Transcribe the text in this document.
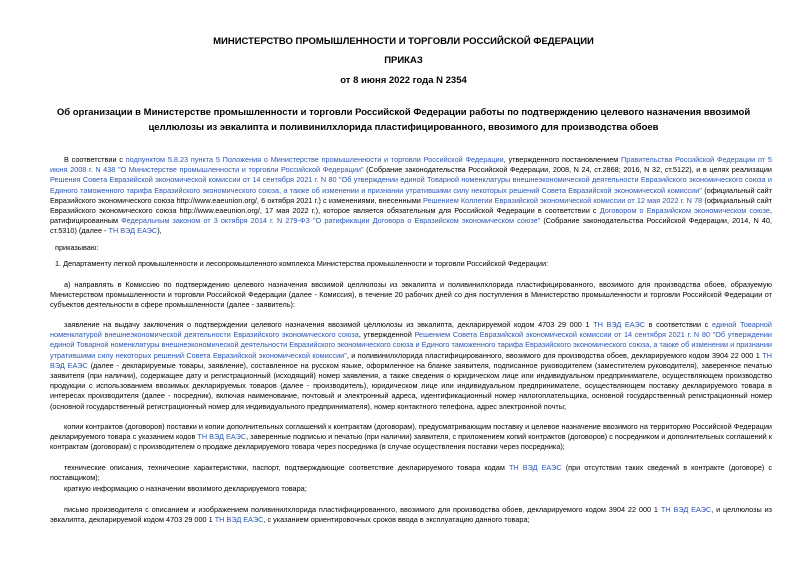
МИНИСТЕРСТВО ПРОМЫШЛЕННОСТИ И ТОРГОВЛИ РОССИЙСКОЙ ФЕДЕРАЦИИ
ПРИКАЗ
от 8 июня 2022 года N 2354
Об организации в Министерстве промышленности и торговли Российской Федерации работы по подтверждению целевого назначения ввозимой целлюлозы из эвкалипта и поливинилхлорида пластифицированного, ввозимого для производства обоев
В соответствии с подпунктом 5.8.23 пункта 5 Положения о Министерстве промышленности и торговли Российской Федерации, утвержденного постановлением Правительства Российской Федерации от 5 июня 2008 г. N 438 "О Министерстве промышленности и торговли Российской Федерации" (Собрание законодательства Российской Федерации, 2008, N 24, ст.2868; 2016, N 32, ст.5122), и в целях реализации Решения Совета Евразийской экономической комиссии от 14 сентября 2021 г. N 80 "Об утверждении единой Товарной номенклатуры внешнеэкономической деятельности Евразийского экономического союза и Единого таможенного тарифа Евразийского экономического союза, а также об изменении и признании утратившими силу некоторых решений Совета Евразийской экономической комиссии" (официальный сайт Евразийского экономического союза http://www.eaeunion.org/, 6 октября 2021 г.) с изменениями, внесенными Решением Коллегии Евразийской экономической комиссии от 12 мая 2022 г. N 78 (официальный сайт Евразийского экономического союза http://www.eaeunion.org/, 17 мая 2022 г.), которое является обязательным для Российской Федерации в соответствии с Договором о Евразийском экономическом союзе, ратифицированным Федеральным законом от 3 октября 2014 г. N 279-ФЗ "О ратификации Договора о Евразийском экономическом союзе" (Собрание законодательства Российской Федерации, 2014, N 40, ст.5310) (далее - ТН ВЭД ЕАЭС),
приказываю:
1. Департаменту легкой промышленности и лесопромышленного комплекса Министерства промышленности и торговли Российской Федерации:
а) направлять в Комиссию по подтверждению целевого назначения ввозимой целлюлозы из эвкалипта и поливинилхлорида пластифицированного, ввозимого для производства обоев, образуемую Министерством промышленности и торговли Российской Федерации (далее - Комиссия), в течение 20 рабочих дней со дня поступления в Министерство промышленности и торговли Российской Федерации от субъектов деятельности в сфере промышленности (далее - заявитель):
заявление на выдачу заключения о подтверждении целевого назначения ввозимой целлюлозы из эвкалипта, декларируемой кодом 4703 29 000 1 ТН ВЭД ЕАЭС в соответствии с единой Товарной номенклатурой внешнеэкономической деятельности Евразийского экономического союза, утвержденной Решением Совета Евразийской экономической комиссии от 14 сентября 2021 г. N 80 "Об утверждении единой Товарной номенклатуры внешнеэкономической деятельности Евразийского экономического союза и Единого таможенного тарифа Евразийского экономического союза, а также об изменении и признании утратившими силу некоторых решений Совета Евразийской экономической комиссии", и поливинилхлорида пластифицированного, ввозимого для производства обоев, декларируемого кодом 3904 22 000 1 ТН ВЭД ЕАЭС (далее - декларируемые товары, заявление), составленное на русском языке, оформленное на бланке заявителя, подписанное руководителем (заместителем руководителя), заверенное печатью заявителя (при наличии), содержащее дату и регистрационный (исходящий) номер заявления, а также сведения о юридическом лице или индивидуальном предпринимателе, осуществляющем производство продукции с использованием ввозимых декларируемых товаров (далее - производитель), юридическом лице или индивидуальном предпринимателе, осуществляющем поставку декларируемого товара в интересах производителя (далее - посредник), включая наименование, почтовый и электронный адреса, идентификационный номер налогоплательщика, основной государственный регистрационный номер (основной государственный регистрационный номер для индивидуального предпринимателя), номер контактного телефона, адрес электронной почты;
копии контрактов (договоров) поставки и копии дополнительных соглашений к контрактам (договорам), предусматривающим поставку и целевое назначение ввозимого на территорию Российской Федерации декларируемого товара с указанием кодов ТН ВЭД ЕАЭС, заверенные подписью и печатью (при наличии) заявителя, с приложением копий контрактов (договоров) с посредником и дополнительных соглашений к контрактам (договорам) с производителем о продаже декларируемого товара через посредника (в случае осуществления поставки через посредника);
технические описания, технические характеристики, паспорт, подтверждающие соответствие декларируемого товара кодам ТН ВЭД ЕАЭС (при отсутствии таких сведений в контракте (договоре) с поставщиком);
краткую информацию о назначении ввозимого декларируемого товара;
письмо производителя с описанием и изображением поливинилхлорида пластифицированного, ввозимого для производства обоев, декларируемого кодом 3904 22 000 1 ТН ВЭД ЕАЭС, и целлюлозы из эвкалипта, декларируемой кодом 4703 29 000 1 ТН ВЭД ЕАЭС, с указанием ориентировочных сроков ввода в эксплуатацию данного товара;
